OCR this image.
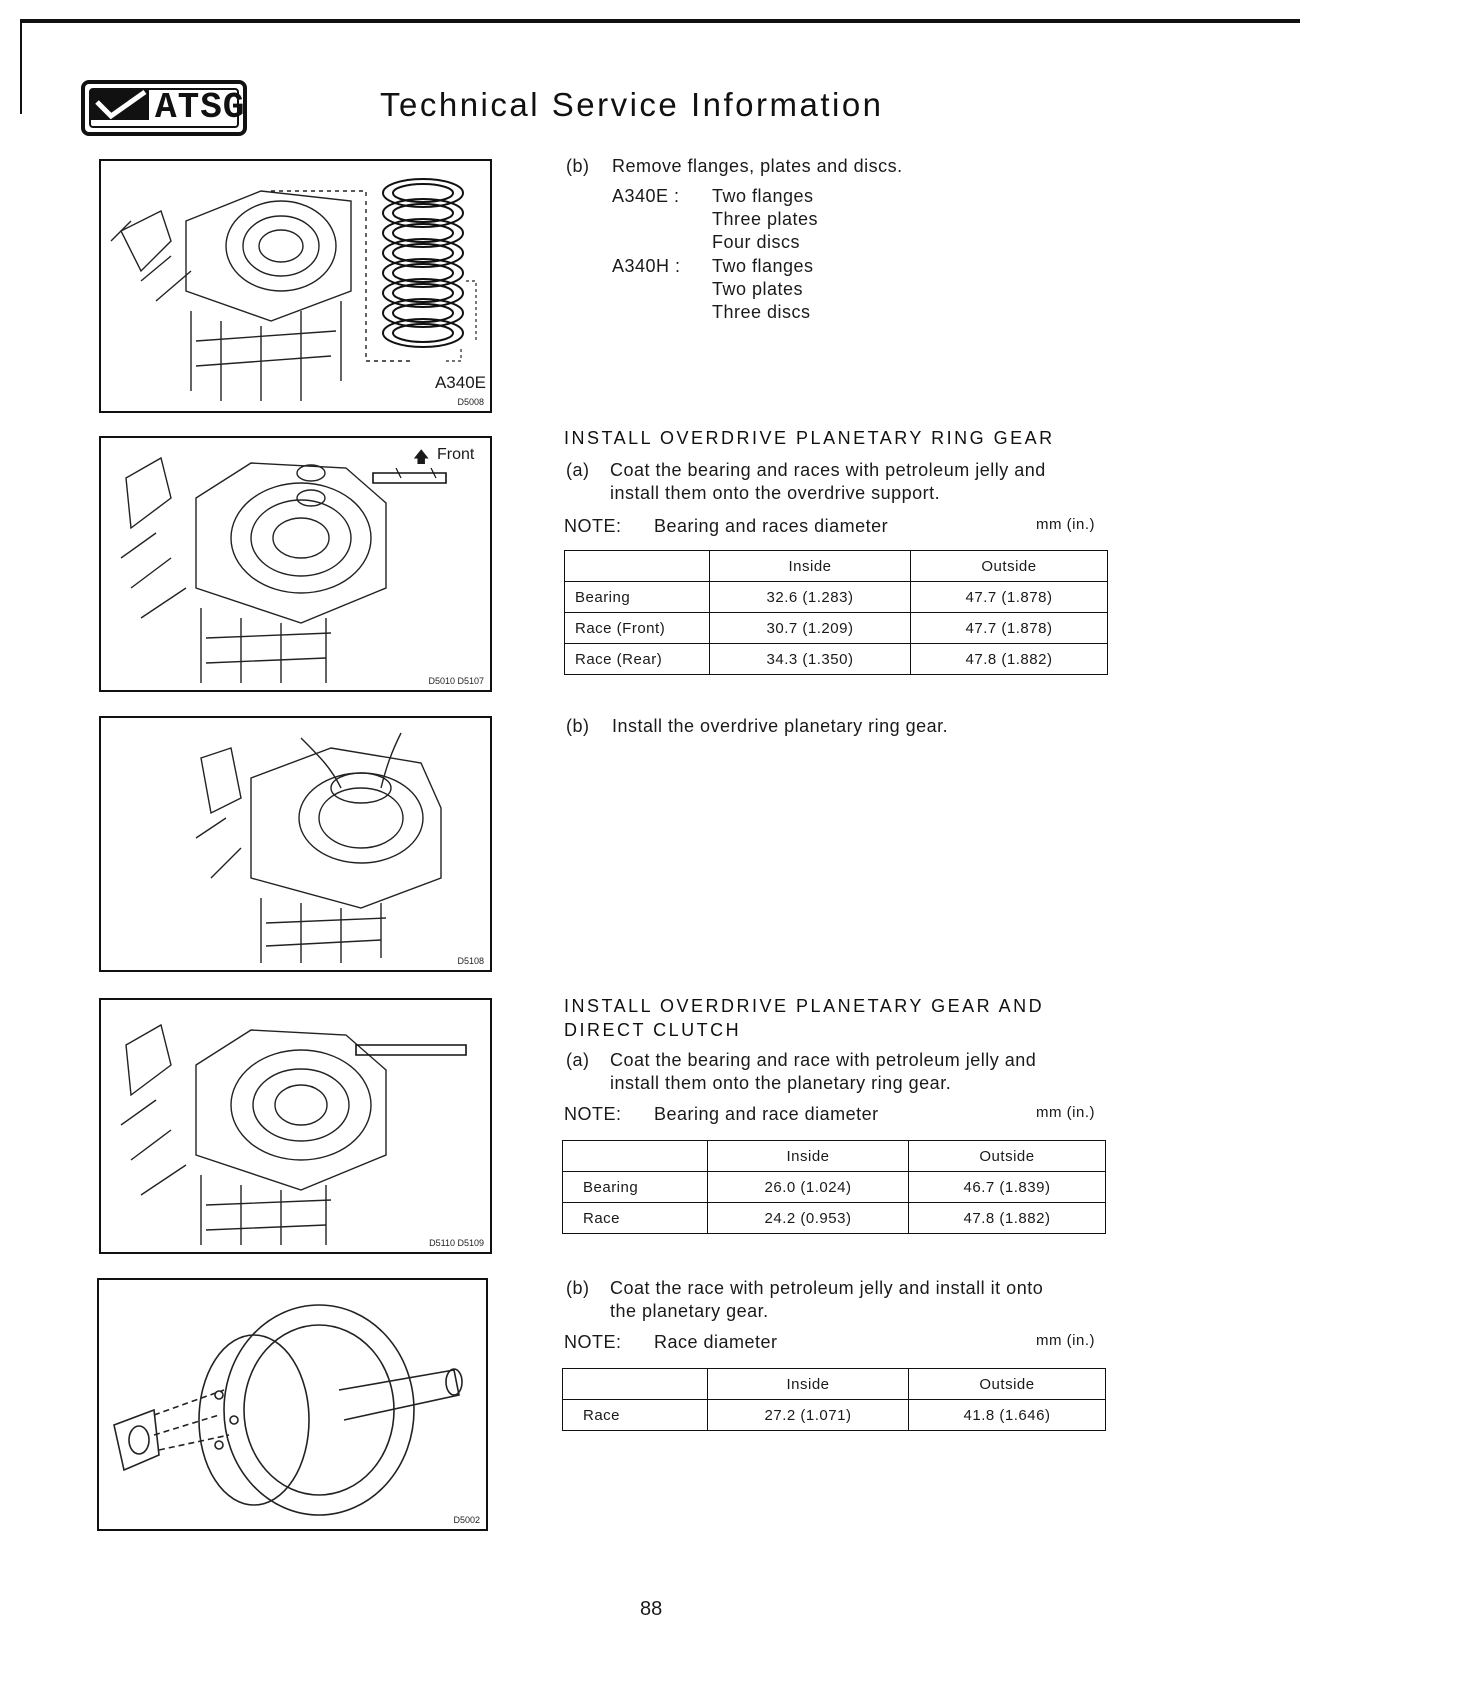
ATSG	Technical Service Information
A340E
D5008
🡅 Front
D5010 D5107
D5108
D5110 D5109
D5002
(b) Remove flanges, plates and discs.
A340E : Two flanges
Three plates
Four discs
A340H : Two flanges
Two plates
Three discs
INSTALL OVERDRIVE PLANETARY RING GEAR
(a) Coat the bearing and races with petroleum jelly and
install them onto the overdrive support.
NOTE: Bearing and races diameter	mm (in.)
	Inside	Outside
Bearing	32.6 (1.283)	47.7 (1.878)
Race (Front)	30.7 (1.209)	47.7 (1.878)
Race (Rear)	34.3 (1.350)	47.8 (1.882)
(b) Install the overdrive planetary ring gear.
INSTALL OVERDRIVE PLANETARY GEAR AND
DIRECT CLUTCH
(a) Coat the bearing and race with petroleum jelly and
install them onto the planetary ring gear.
NOTE: Bearing and race diameter	mm (in.)
	Inside	Outside
Bearing	26.0 (1.024)	46.7 (1.839)
Race	24.2 (0.953)	47.8 (1.882)
(b) Coat the race with petroleum jelly and install it onto
the planetary gear.
NOTE: Race diameter	mm (in.)
	Inside	Outside
Race	27.2 (1.071)	41.8 (1.646)
88
